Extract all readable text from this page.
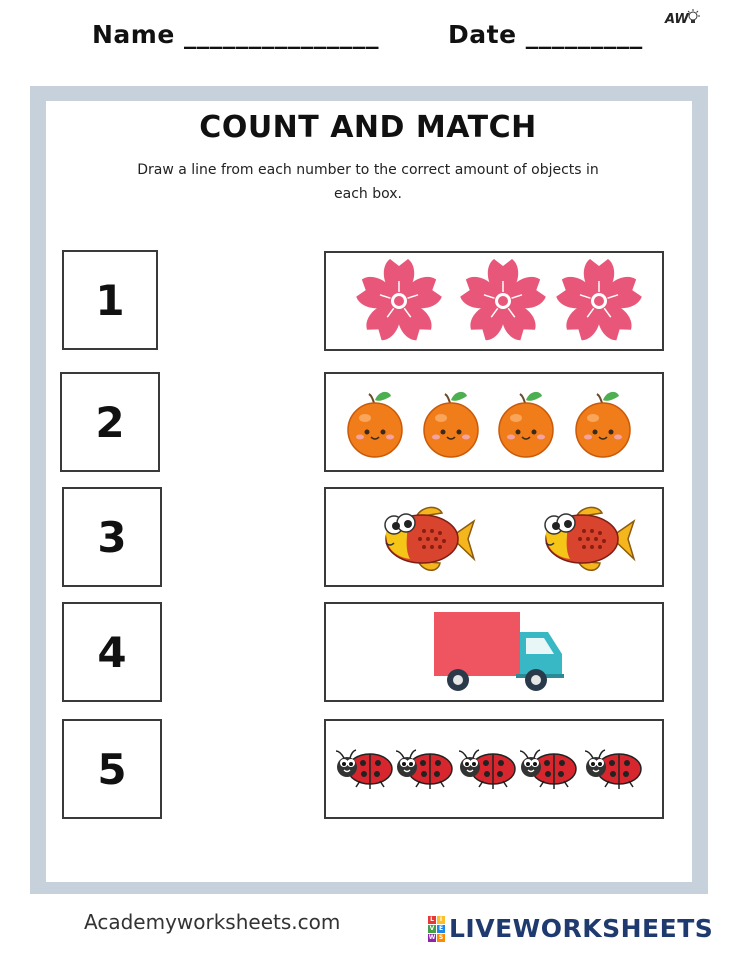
Name _______________	Date _________
AW
COUNT AND MATCH
Draw a line from each number to the correct amount of objects in
each box.
1
2
3
4
5
Academyworksheets.com	L I
V E
W S LIVEWORKSHEETS
